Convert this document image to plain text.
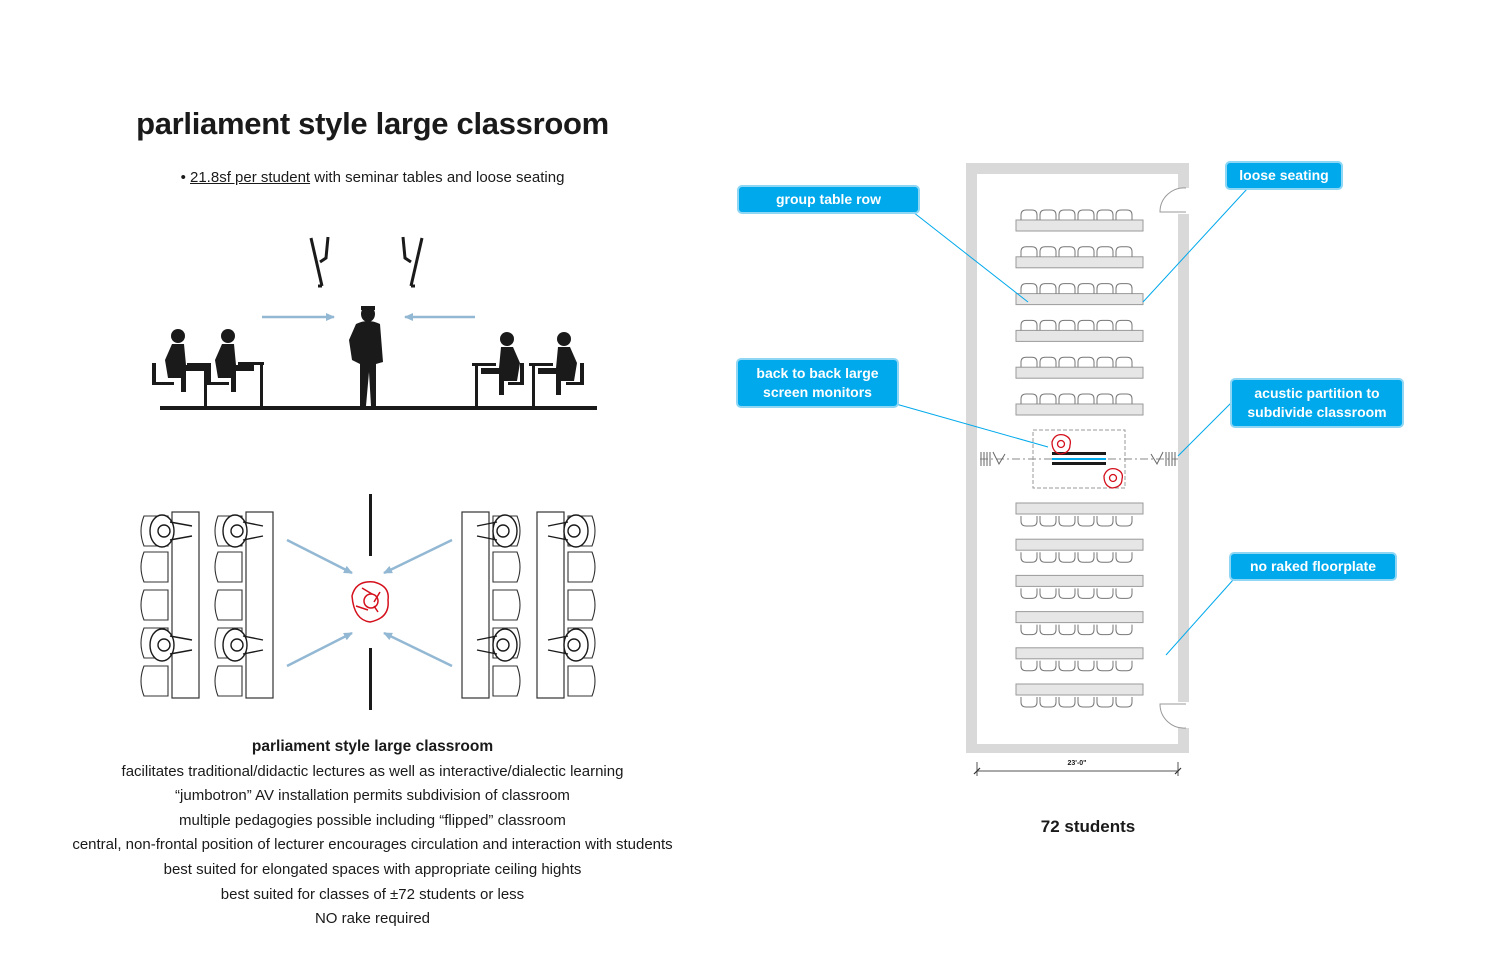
parliament style large classroom
• 21.8sf per student with seminar tables and loose seating
group table row
loose seating
back to back large
screen monitors	acustic partition to
subdivide classroom
no raked floorplate
23'-0"
72 students
parliament style large classroom
facilitates traditional/didactic lectures as well as interactive/dialectic learning
“jumbotron” AV installation permits subdivision of classroom
multiple pedagogies possible including “flipped” classroom
central, non-frontal position of lecturer encourages circulation and interaction with students
best suited for elongated spaces with appropriate ceiling hights
best suited for classes of ±72 students or less
NO rake required
